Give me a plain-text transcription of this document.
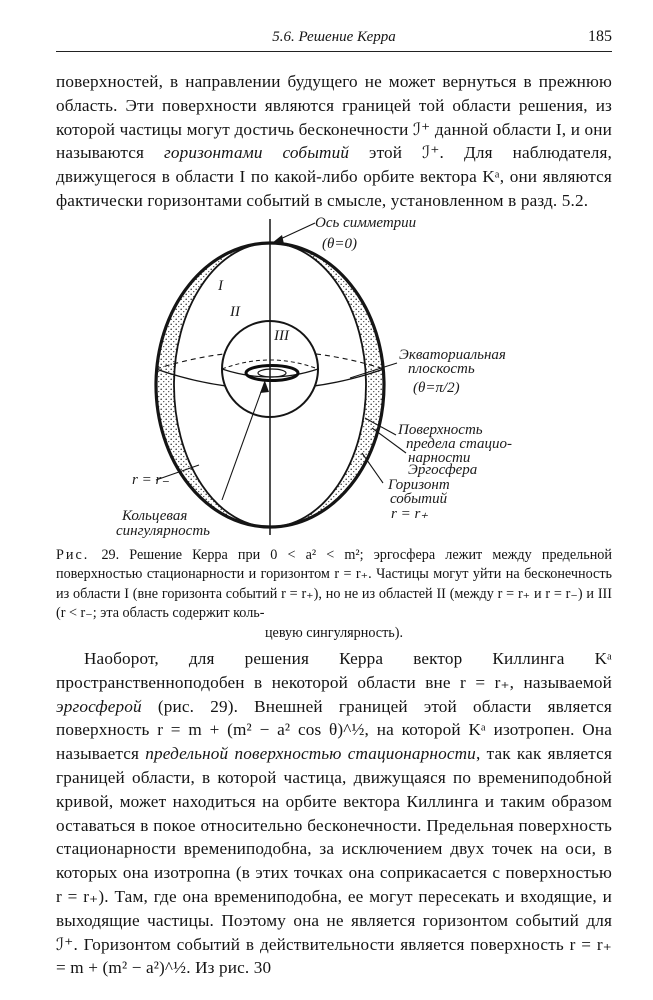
5.6. Решение Керра	185

поверхностей, в направлении будущего не может вернуться в прежнюю область. Эти поверхности являются границей той области решения, из которой частицы могут достичь бесконечности ℐ⁺ данной области I, и они называются горизонтами событий этой ℐ⁺. Для наблюдателя, движущегося в области I по какой-либо орбите вектора Kᵃ, они являются фактически горизонтами событий в смысле, установленном в разд. 5.2.

Ось симметрии
(θ=0)
I
II
III
Экваториальная
плоскость
(θ=π/2)
Поверхность
предела стацио-
нарности
Эргосфера
Горизонт
событий
r = r₊
r = r₋
Кольцевая
сингулярность

Рис. 29. Решение Керра при 0 < a² < m²; эргосфера лежит между предельной поверхностью стационарности и горизонтом r = r₊. Частицы могут уйти на бесконечность из области I (вне горизонта событий r = r₊), но не из областей II (между r = r₊ и r = r₋) и III (r < r₋; эта область содержит коль-
цевую сингулярность).

Наоборот, для решения Керра вектор Киллинга Kᵃ пространственноподобен в некоторой области вне r = r₊, называемой эргосферой (рис. 29). Внешней границей этой области является поверхность r = m + (m² − a² cos θ)^½, на которой Kᵃ изотропен. Она называется предельной поверхностью стационарности, так как является границей области, в которой частица, движущаяся по времениподобной кривой, может находиться на орбите вектора Киллинга и таким образом оставаться в покое относительно бесконечности. Предельная поверхность стационарности времениподобна, за исключением двух точек на оси, в которых она изотропна (в этих точках она соприкасается с поверхностью r = r₊). Там, где она времениподобна, ее могут пересекать и входящие, и выходящие частицы. Поэтому она не является горизонтом событий для ℐ⁺. Горизонтом событий в действительности является поверхность r = r₊ = m + (m² − a²)^½. Из рис. 30
